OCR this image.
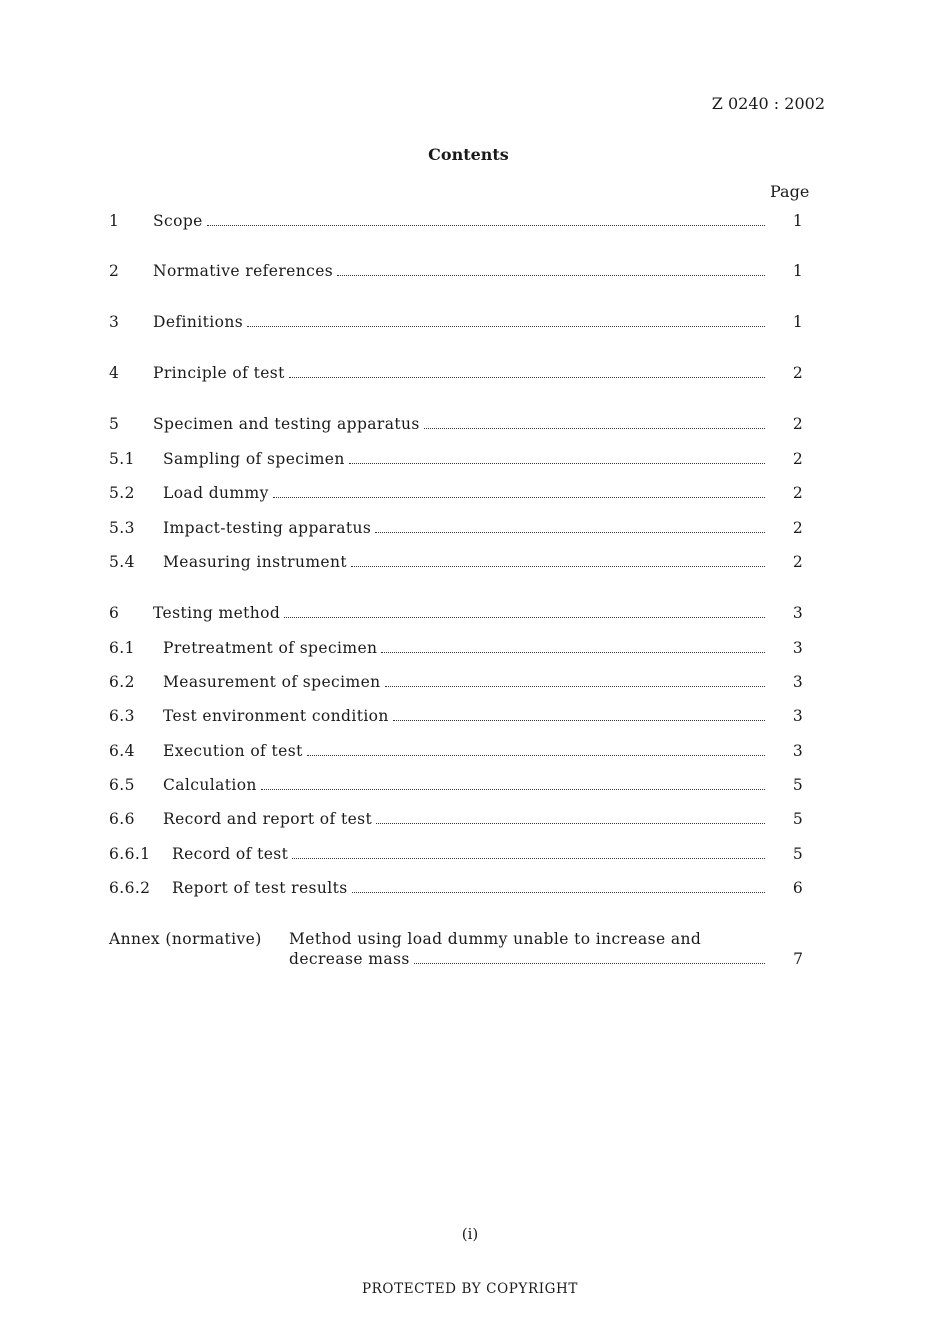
Z 0240 : 2002
Contents
Page
1 Scope	1
2 Normative references	1
3 Definitions	1
4 Principle of test	2
5 Specimen and testing apparatus	2
5.1 Sampling of specimen	2
5.2 Load dummy	2
5.3 Impact-testing apparatus	2
5.4 Measuring instrument	2
6 Testing method	3
6.1 Pretreatment of specimen	3
6.2 Measurement of specimen	3
6.3 Test environment condition	3
6.4 Execution of test	3
6.5 Calculation	5
6.6 Record and report of test	5
6.6.1 Record of test	5
6.6.2 Report of test results	6
Annex (normative) Method using load dummy unable to increase and
decrease mass	7
(i)
PROTECTED BY COPYRIGHT
